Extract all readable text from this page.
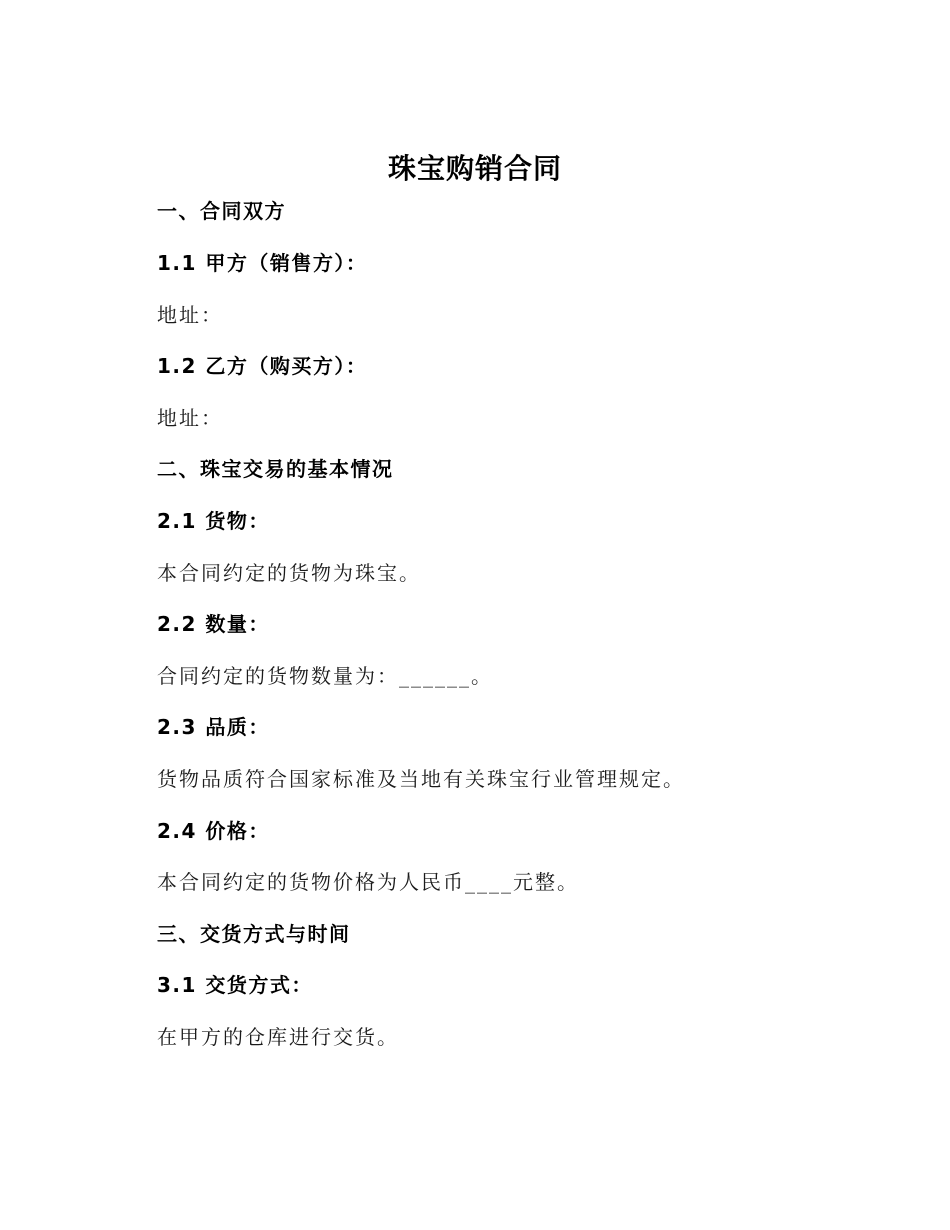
珠宝购销合同
一、合同双方
1.1 甲方（销售方）：
地址：
1.2 乙方（购买方）：
地址：
二、珠宝交易的基本情况
2.1 货物：
本合同约定的货物为珠宝。
2.2 数量：
合同约定的货物数量为：______。
2.3 品质：
货物品质符合国家标准及当地有关珠宝行业管理规定。
2.4 价格：
本合同约定的货物价格为人民币____元整。
三、交货方式与时间
3.1 交货方式：
在甲方的仓库进行交货。
